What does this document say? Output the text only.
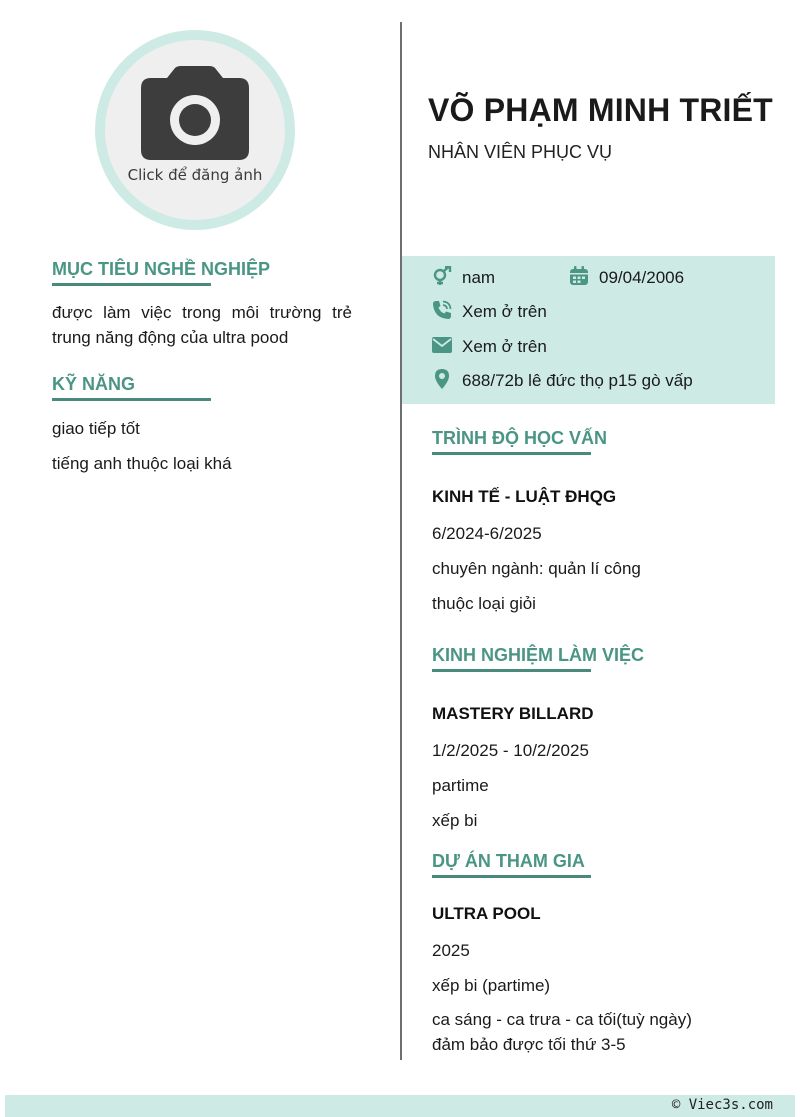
Click để đăng ảnh
MỤC TIÊU NGHỀ NGHIỆP
được làm việc trong môi trường trẻ trung năng động của ultra pood
KỸ NĂNG
giao tiếp tốt
tiếng anh thuộc loại khá
VÕ PHẠM MINH TRIẾT
NHÂN VIÊN PHỤC VỤ
nam	09/04/2006
Xem ở trên
Xem ở trên
688/72b lê đức thọ p15 gò vấp
TRÌNH ĐỘ HỌC VẤN
KINH TẾ - LUẬT ĐHQG
6/2024-6/2025
chuyên ngành: quản lí công
thuộc loại giỏi
KINH NGHIỆM LÀM VIỆC
MASTERY BILLARD
1/2/2025 - 10/2/2025
partime
xếp bi
DỰ ÁN THAM GIA
ULTRA POOL
2025
xếp bi (partime)
ca sáng - ca trưa - ca tối(tuỳ ngày)
đảm bảo được tối thứ 3-5
© Viec3s.com
